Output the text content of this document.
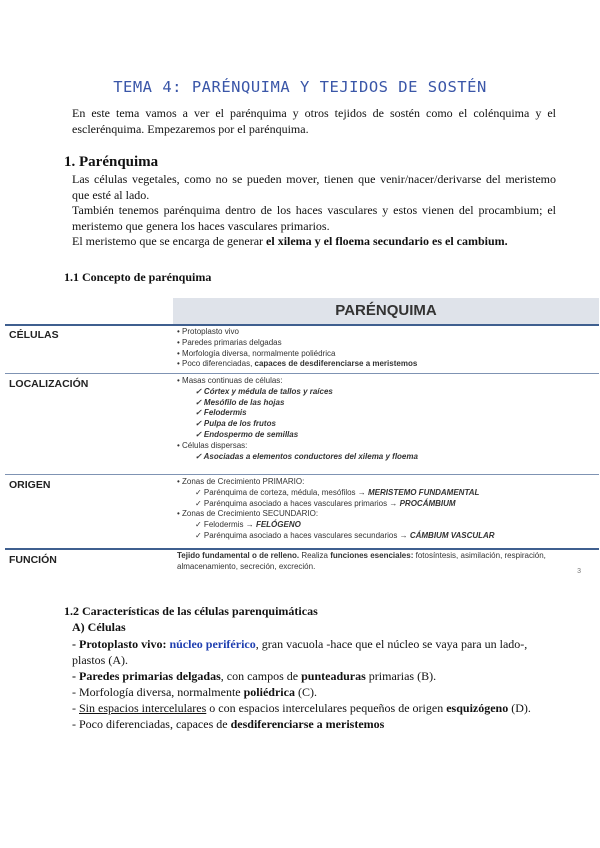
TEMA 4: PARÉNQUIMA Y TEJIDOS DE SOSTÉN
En este tema vamos a ver el parénquima y otros tejidos de sostén como el colénquima y el esclerénquima. Empezaremos por el parénquima.
1. Parénquima
Las células vegetales, como no se pueden mover, tienen que venir/nacer/derivarse del meristemo que esté al lado.
También tenemos parénquima dentro de los haces vasculares y estos vienen del procambium; el meristemo que genera los haces vasculares primarios.
El meristemo que se encarga de generar el xilema y el floema secundario es el cambium.
1.1 Concepto de parénquima
PARÉNQUIMA
CÉLULAS	• Protoplasto vivo
• Paredes primarias delgadas
• Morfología diversa, normalmente poliédrica
• Poco diferenciadas, capaces de desdiferenciarse a meristemos
LOCALIZACIÓN	• Masas continuas de células:
✓ Córtex y médula de tallos y raíces
✓ Mesófilo de las hojas
✓ Felodermis
✓ Pulpa de los frutos
✓ Endospermo de semillas
• Células dispersas:
✓ Asociadas a elementos conductores del xilema y floema
ORIGEN	• Zonas de Crecimiento PRIMARIO:
✓ Parénquima de corteza, médula, mesófilos → MERISTEMO FUNDAMENTAL
✓ Parénquima asociado a haces vasculares primarios → PROCÁMBIUM
• Zonas de Crecimiento SECUNDARIO:
✓ Felodermis → FELÓGENO
✓ Parénquima asociado a haces vasculares secundarios → CÁMBIUM VASCULAR
FUNCIÓN	Tejido fundamental o de relleno. Realiza funciones esenciales: fotosíntesis, asimilación, respiración,
almacenamiento, secreción, excreción.
3
1.2 Características de las células parenquimáticas
A) Células
- Protoplasto vivo: núcleo periférico, gran vacuola -hace que el núcleo se vaya para un lado-,
plastos (A).
- Paredes primarias delgadas, con campos de punteaduras primarias (B).
- Morfología diversa, normalmente poliédrica (C).
- Sin espacios intercelulares o con espacios intercelulares pequeños de origen esquizógeno (D).
- Poco diferenciadas, capaces de desdiferenciarse a meristemos
